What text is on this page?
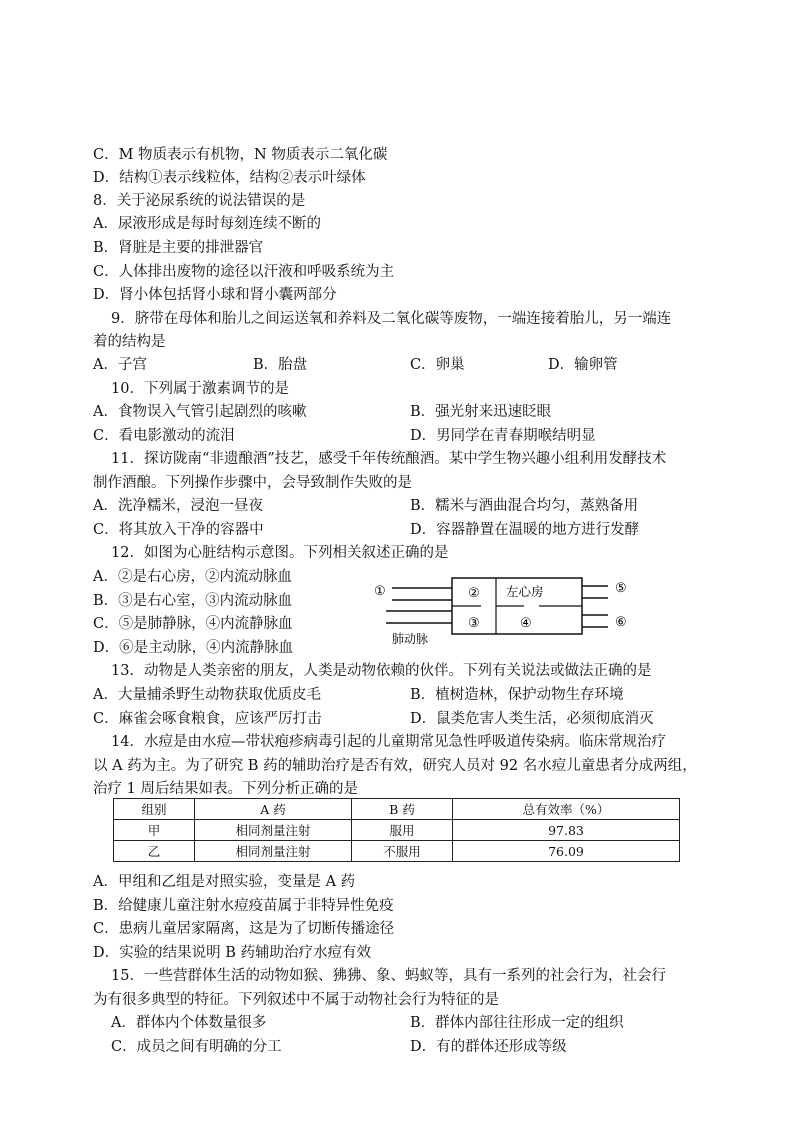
C．M 物质表示有机物，N 物质表示二氧化碳
D．结构①表示线粒体，结构②表示叶绿体
8．关于泌尿系统的说法错误的是
A．尿液形成是每时每刻连续不断的
B．肾脏是主要的排泄器官
C．人体排出废物的途径以汗液和呼吸系统为主
D．肾小体包括肾小球和肾小囊两部分
9．脐带在母体和胎儿之间运送氧和养料及二氧化碳等废物，一端连接着胎儿，另一端连
着的结构是
A．子宫	B．胎盘	C．卵巢	D．输卵管
10．下列属于激素调节的是
A．食物误入气管引起剧烈的咳嗽	B．强光射来迅速眨眼
C．看电影激动的流泪	D．男同学在青春期喉结明显
11．探访陇南“非遗酿酒”技艺，感受千年传统酿酒。某中学生物兴趣小组利用发酵技术
制作酒酿。下列操作步骤中，会导致制作失败的是
A．洗净糯米，浸泡一昼夜	B．糯米与酒曲混合均匀，蒸熟备用
C．将其放入干净的容器中	D．容器静置在温暖的地方进行发酵
12．如图为心脏结构示意图。下列相关叙述正确的是
A．②是右心房，②内流动脉血
B．③是右心室，③内流动脉血
C．⑤是肺静脉，④内流静脉血
D．⑥是主动脉，④内流静脉血
①	② 左心房	⑤
③	④	⑥
肺动脉
13．动物是人类亲密的朋友，人类是动物依赖的伙伴。下列有关说法或做法正确的是
A．大量捕杀野生动物获取优质皮毛	B．植树造林，保护动物生存环境
C．麻雀会啄食粮食，应该严厉打击	D．鼠类危害人类生活，必须彻底消灭
14．水痘是由水痘—带状疱疹病毒引起的儿童期常见急性呼吸道传染病。临床常规治疗
以 A 药为主。为了研究 B 药的辅助治疗是否有效，研究人员对 92 名水痘儿童患者分成两组，
治疗 1 周后结果如表。下列分析正确的是
组别	A 药	B 药	总有效率（%）
甲	相同剂量注射	服用	97.83
乙	相同剂量注射	不服用	76.09
A．甲组和乙组是对照实验，变量是 A 药
B．给健康儿童注射水痘疫苗属于非特异性免疫
C．患病儿童居家隔离，这是为了切断传播途径
D．实验的结果说明 B 药辅助治疗水痘有效
15．一些营群体生活的动物如猴、狒狒、象、蚂蚁等，具有一系列的社会行为，社会行
为有很多典型的特征。下列叙述中不属于动物社会行为特征的是
A．群体内个体数量很多	B．群体内部往往形成一定的组织
C．成员之间有明确的分工	D．有的群体还形成等级
